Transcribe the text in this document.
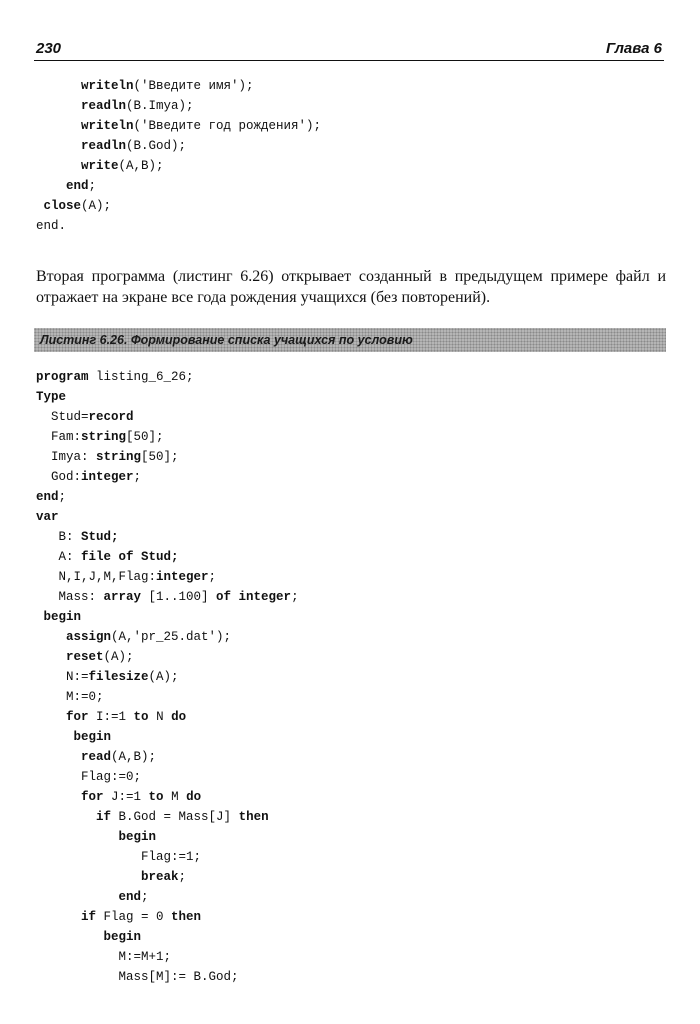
230	Глава 6
writeln('Введите имя');
readln(B.Imya);
writeln('Введите год рождения');
readln(B.God);
write(A,B);
end;
close(A);
end.

Вторая программа (листинг 6.26) открывает созданный в предыдущем примере файл и отражает на экране все года рождения учащихся (без повторений).

Листинг 6.26. Формирование списка учащихся по условию
program listing_6_26;
Type
Stud=record
Fam:string[50];
Imya: string[50];
God:integer;
end;
var
B: Stud;
A: file of Stud;
N,I,J,M,Flag:integer;
Mass: array [1..100] of integer;
begin
assign(A,'pr_25.dat');
reset(A);
N:=filesize(A);
M:=0;
for I:=1 to N do
begin
read(A,B);
Flag:=0;
for J:=1 to M do
if B.God = Mass[J] then
begin
Flag:=1;
break;
end;
if Flag = 0 then
begin
M:=M+1;
Mass[M]:= B.God;
